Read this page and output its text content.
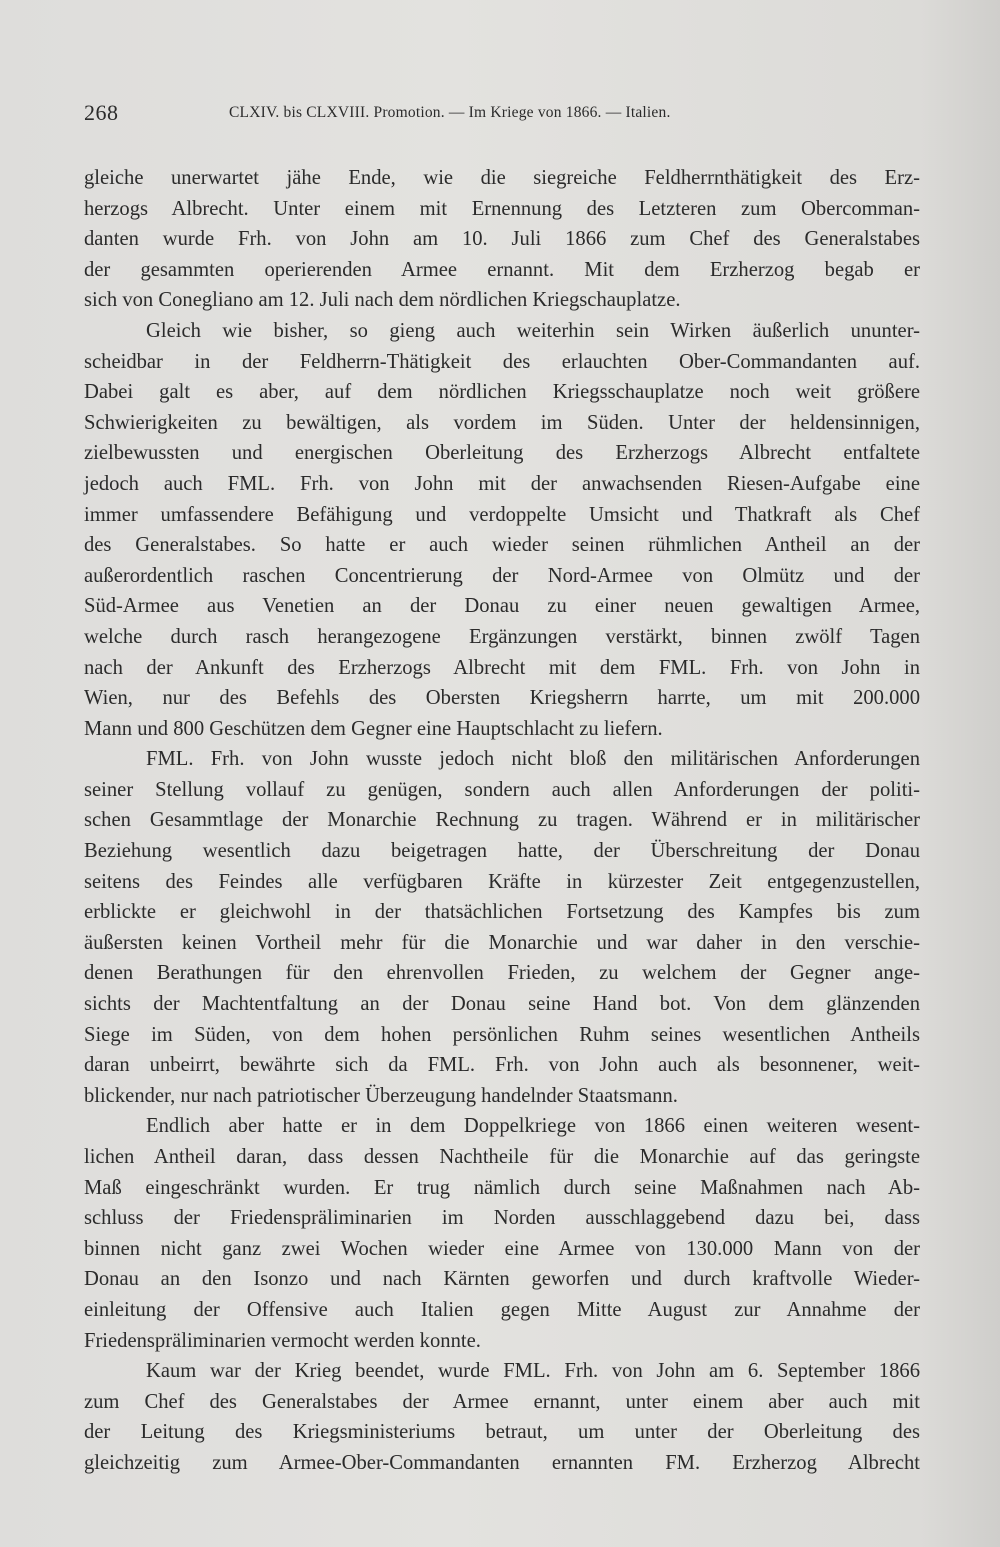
268	CLXIV. bis CLXVIII. Promotion. — Im Kriege von 1866. — Italien.
gleiche unerwartet jähe Ende, wie die siegreiche Feldherrnthätigkeit des Erz-
herzogs Albrecht. Unter einem mit Ernennung des Letzteren zum Obercomman-
danten wurde Frh. von John am 10. Juli 1866 zum Chef des Generalstabes
der gesammten operierenden Armee ernannt. Mit dem Erzherzog begab er
sich von Conegliano am 12. Juli nach dem nördlichen Kriegschauplatze.
Gleich wie bisher, so gieng auch weiterhin sein Wirken äußerlich ununter-
scheidbar in der Feldherrn-Thätigkeit des erlauchten Ober-Commandanten auf.
Dabei galt es aber, auf dem nördlichen Kriegsschauplatze noch weit größere
Schwierigkeiten zu bewältigen, als vordem im Süden. Unter der heldensinnigen,
zielbewussten und energischen Oberleitung des Erzherzogs Albrecht entfaltete
jedoch auch FML. Frh. von John mit der anwachsenden Riesen-Aufgabe eine
immer umfassendere Befähigung und verdoppelte Umsicht und Thatkraft als Chef
des Generalstabes. So hatte er auch wieder seinen rühmlichen Antheil an der
außerordentlich raschen Concentrierung der Nord-Armee von Olmütz und der
Süd-Armee aus Venetien an der Donau zu einer neuen gewaltigen Armee,
welche durch rasch herangezogene Ergänzungen verstärkt, binnen zwölf Tagen
nach der Ankunft des Erzherzogs Albrecht mit dem FML. Frh. von John in
Wien, nur des Befehls des Obersten Kriegsherrn harrte, um mit 200.000
Mann und 800 Geschützen dem Gegner eine Hauptschlacht zu liefern.
FML. Frh. von John wusste jedoch nicht bloß den militärischen Anforderungen
seiner Stellung vollauf zu genügen, sondern auch allen Anforderungen der politi-
schen Gesammtlage der Monarchie Rechnung zu tragen. Während er in militärischer
Beziehung wesentlich dazu beigetragen hatte, der Überschreitung der Donau
seitens des Feindes alle verfügbaren Kräfte in kürzester Zeit entgegenzustellen,
erblickte er gleichwohl in der thatsächlichen Fortsetzung des Kampfes bis zum
äußersten keinen Vortheil mehr für die Monarchie und war daher in den verschie-
denen Berathungen für den ehrenvollen Frieden, zu welchem der Gegner ange-
sichts der Machtentfaltung an der Donau seine Hand bot. Von dem glänzenden
Siege im Süden, von dem hohen persönlichen Ruhm seines wesentlichen Antheils
daran unbeirrt, bewährte sich da FML. Frh. von John auch als besonnener, weit-
blickender, nur nach patriotischer Überzeugung handelnder Staatsmann.
Endlich aber hatte er in dem Doppelkriege von 1866 einen weiteren wesent-
lichen Antheil daran, dass dessen Nachtheile für die Monarchie auf das geringste
Maß eingeschränkt wurden. Er trug nämlich durch seine Maßnahmen nach Ab-
schluss der Friedenspräliminarien im Norden ausschlaggebend dazu bei, dass
binnen nicht ganz zwei Wochen wieder eine Armee von 130.000 Mann von der
Donau an den Isonzo und nach Kärnten geworfen und durch kraftvolle Wieder-
einleitung der Offensive auch Italien gegen Mitte August zur Annahme der
Friedenspräliminarien vermocht werden konnte.
Kaum war der Krieg beendet, wurde FML. Frh. von John am 6. September 1866
zum Chef des Generalstabes der Armee ernannt, unter einem aber auch mit
der Leitung des Kriegsministeriums betraut, um unter der Oberleitung des
gleichzeitig zum Armee-Ober-Commandanten ernannten FM. Erzherzog Albrecht
